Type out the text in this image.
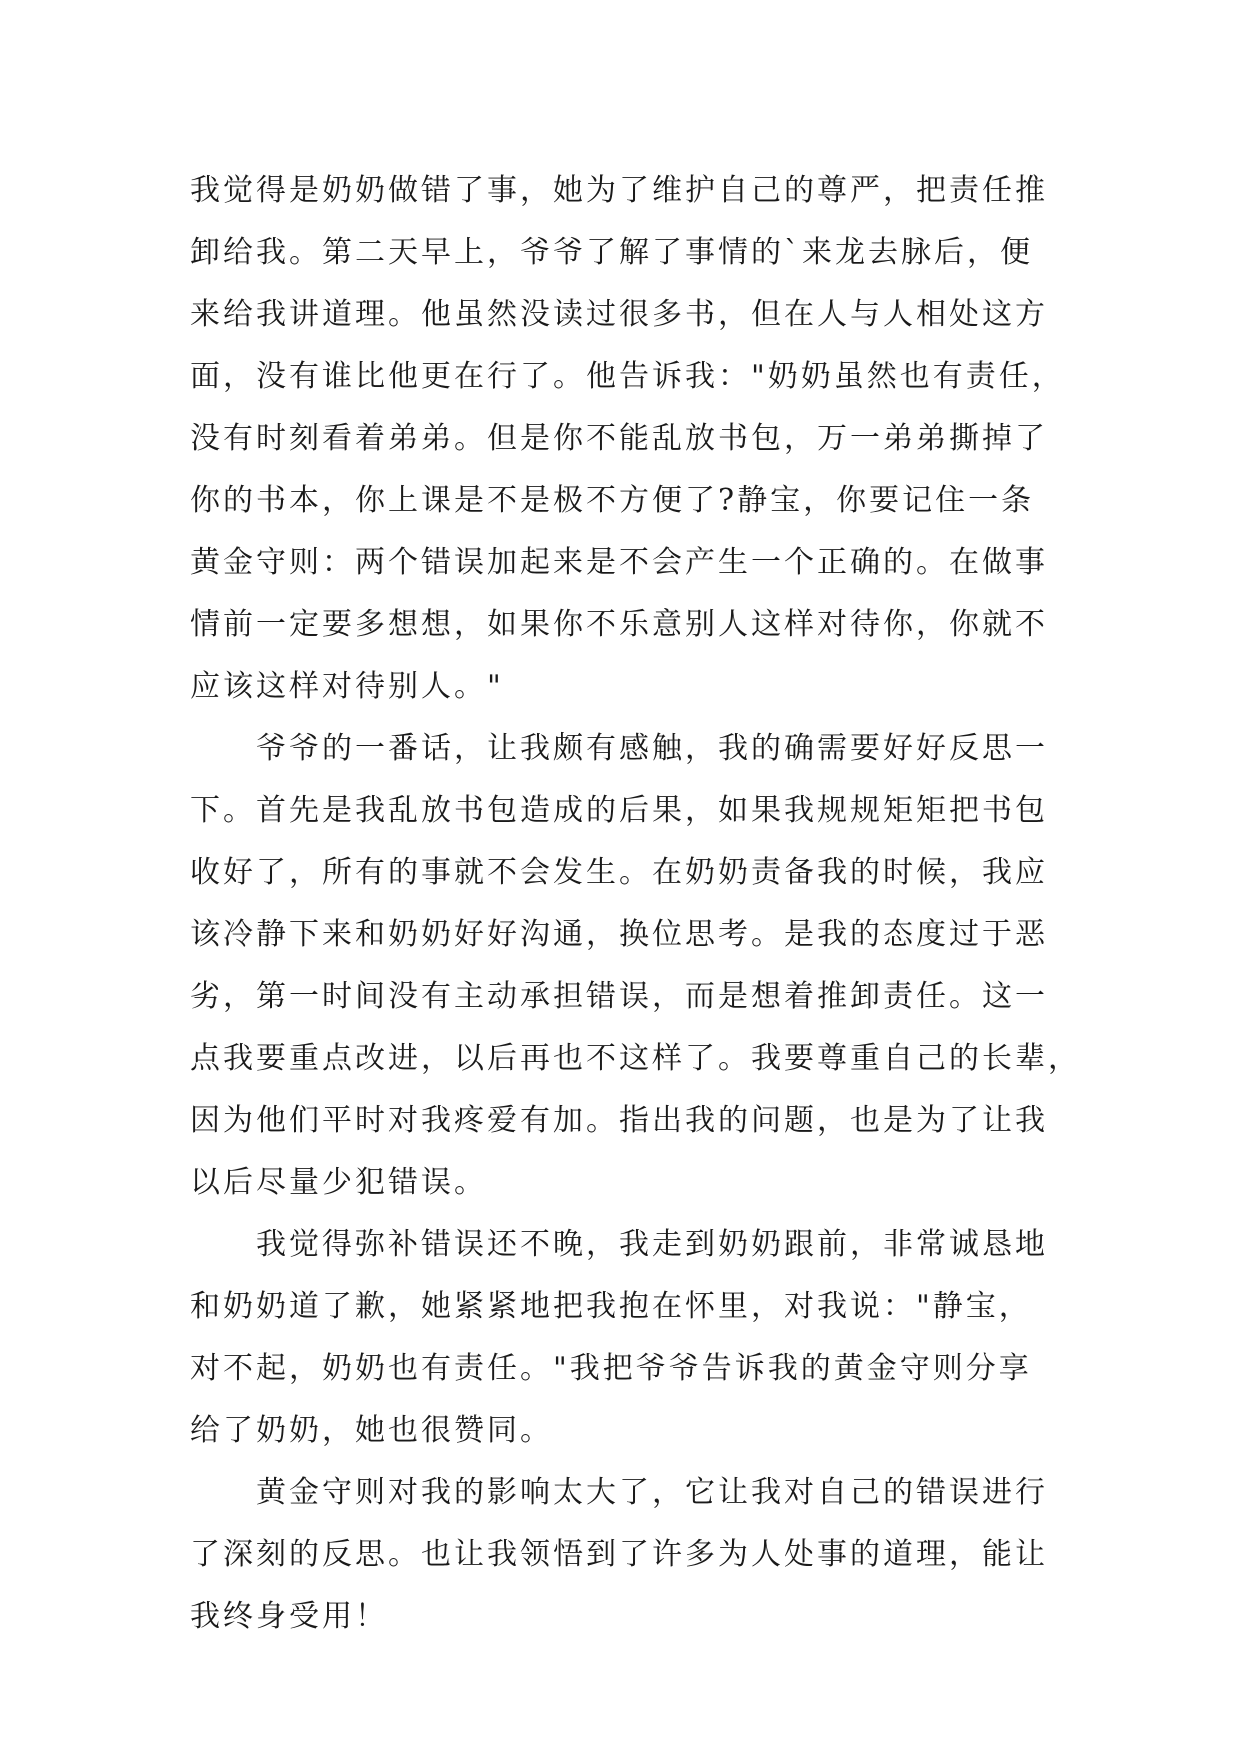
我觉得是奶奶做错了事，她为了维护自己的尊严，把责任推
卸给我。第二天早上，爷爷了解了事情的`来龙去脉后，便
来给我讲道理。他虽然没读过很多书，但在人与人相处这方
面，没有谁比他更在行了。他告诉我："奶奶虽然也有责任，
没有时刻看着弟弟。但是你不能乱放书包，万一弟弟撕掉了
你的书本，你上课是不是极不方便了?静宝，你要记住一条
黄金守则：两个错误加起来是不会产生一个正确的。在做事
情前一定要多想想，如果你不乐意别人这样对待你，你就不
应该这样对待别人。"
　　爷爷的一番话，让我颇有感触，我的确需要好好反思一
下。首先是我乱放书包造成的后果，如果我规规矩矩把书包
收好了，所有的事就不会发生。在奶奶责备我的时候，我应
该冷静下来和奶奶好好沟通，换位思考。是我的态度过于恶
劣，第一时间没有主动承担错误，而是想着推卸责任。这一
点我要重点改进，以后再也不这样了。我要尊重自己的长辈，
因为他们平时对我疼爱有加。指出我的问题，也是为了让我
以后尽量少犯错误。
　　我觉得弥补错误还不晚，我走到奶奶跟前，非常诚恳地
和奶奶道了歉，她紧紧地把我抱在怀里，对我说："静宝，
对不起，奶奶也有责任。"我把爷爷告诉我的黄金守则分享
给了奶奶，她也很赞同。
　　黄金守则对我的影响太大了，它让我对自己的错误进行
了深刻的反思。也让我领悟到了许多为人处事的道理，能让
我终身受用！
